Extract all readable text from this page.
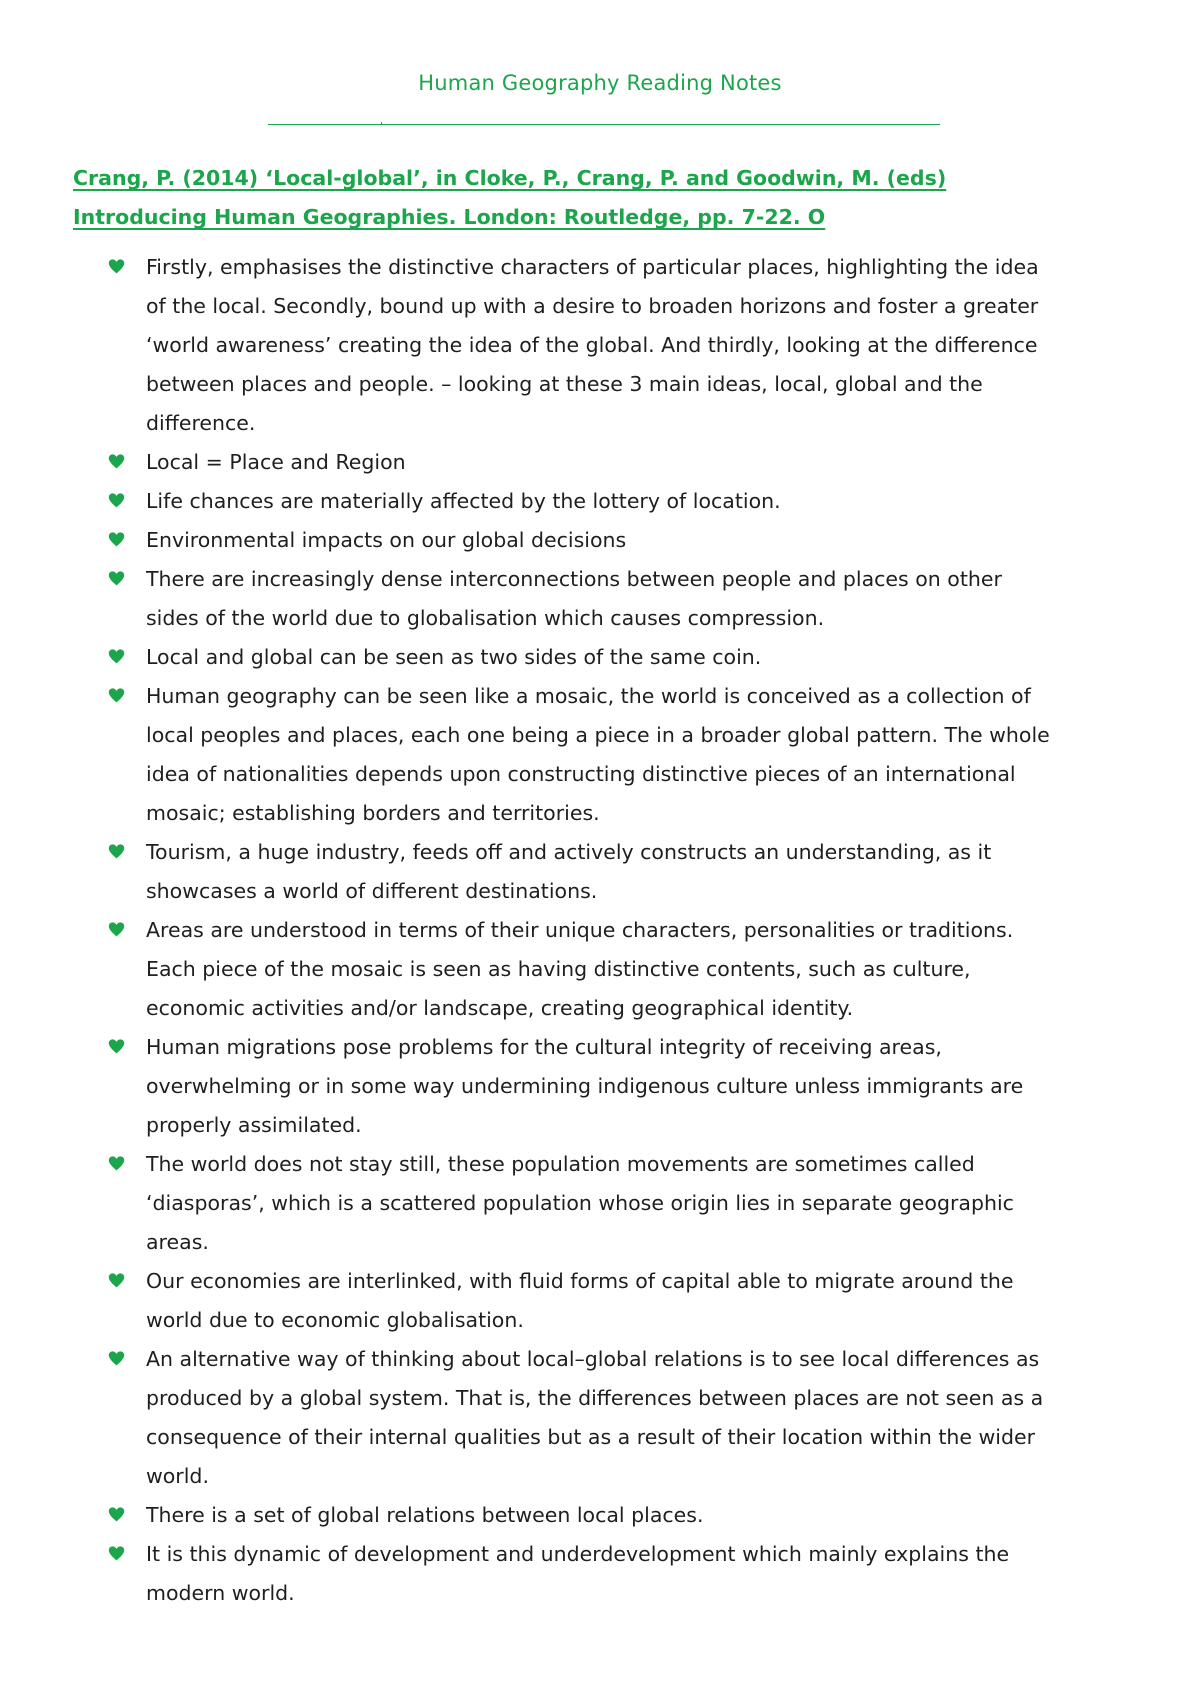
Human Geography Reading Notes
Crang, P. (2014) ‘Local-global’, in Cloke, P., Crang, P. and Goodwin, M. (eds)
Introducing Human Geographies. London: Routledge, pp. 7-22. O
Firstly, emphasises the distinctive characters of particular places, highlighting the idea
of the local. Secondly, bound up with a desire to broaden horizons and foster a greater
‘world awareness’ creating the idea of the global. And thirdly, looking at the difference
between places and people. – looking at these 3 main ideas, local, global and the
difference.
Local = Place and Region
Life chances are materially affected by the lottery of location.
Environmental impacts on our global decisions
There are increasingly dense interconnections between people and places on other
sides of the world due to globalisation which causes compression.
Local and global can be seen as two sides of the same coin.
Human geography can be seen like a mosaic, the world is conceived as a collection of
local peoples and places, each one being a piece in a broader global pattern. The whole
idea of nationalities depends upon constructing distinctive pieces of an international
mosaic; establishing borders and territories.
Tourism, a huge industry, feeds off and actively constructs an understanding, as it
showcases a world of different destinations.
Areas are understood in terms of their unique characters, personalities or traditions.
Each piece of the mosaic is seen as having distinctive contents, such as culture,
economic activities and/or landscape, creating geographical identity.
Human migrations pose problems for the cultural integrity of receiving areas,
overwhelming or in some way undermining indigenous culture unless immigrants are
properly assimilated.
The world does not stay still, these population movements are sometimes called
‘diasporas’, which is a scattered population whose origin lies in separate geographic
areas.
Our economies are interlinked, with fluid forms of capital able to migrate around the
world due to economic globalisation.
An alternative way of thinking about local–global relations is to see local differences as
produced by a global system. That is, the differences between places are not seen as a
consequence of their internal qualities but as a result of their location within the wider
world.
There is a set of global relations between local places.
It is this dynamic of development and underdevelopment which mainly explains the
modern world.
